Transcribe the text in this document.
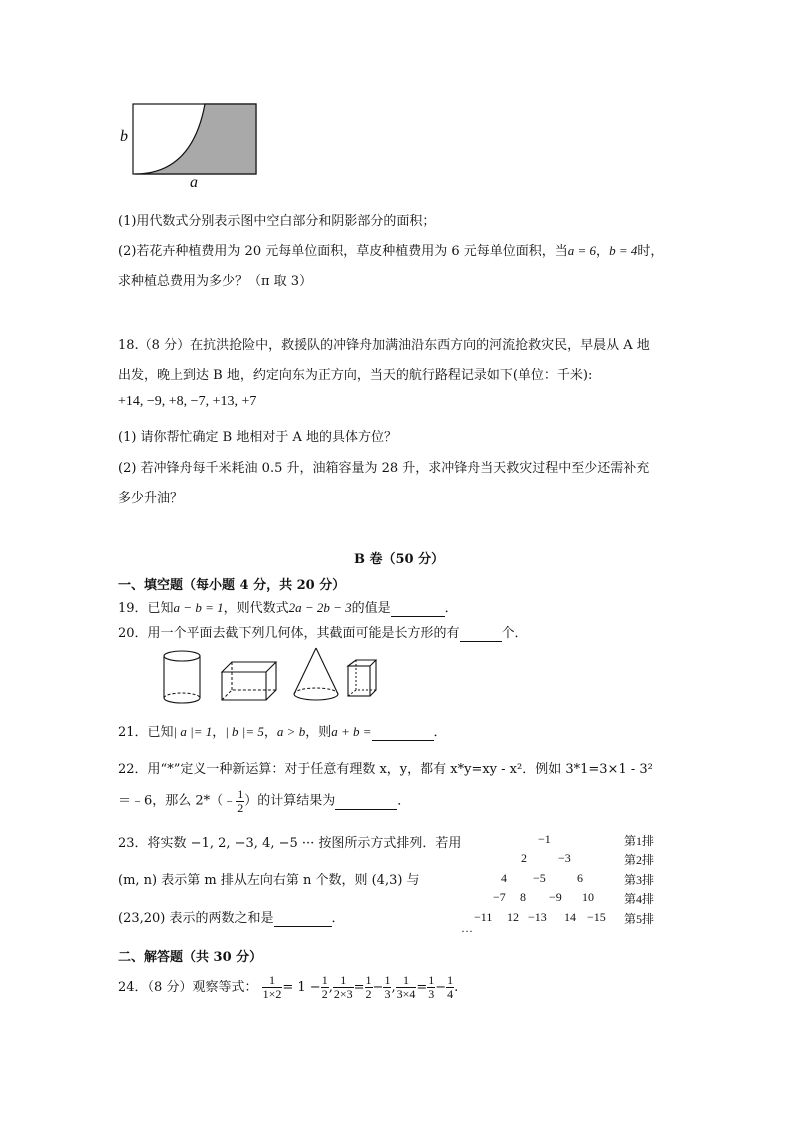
b
a
(1)用代数式分别表示图中空白部分和阴影部分的面积；
(2)若花卉种植费用为 20 元每单位面积，草皮种植费用为 6 元每单位面积，当a = 6，b = 4时，
求种植总费用为多少？（π 取 3）
18.（8 分）在抗洪抢险中，救援队的冲锋舟加满油沿东西方向的河流抢救灾民，早晨从 A 地
出发，晚上到达 B 地，约定向东为正方向，当天的航行路程记录如下(单位：千米):
+14, −9, +8, −7, +13, +7
(1) 请你帮忙确定 B 地相对于 A 地的具体方位？
(2) 若冲锋舟每千米耗油 0.5 升，油箱容量为 28 升，求冲锋舟当天救灾过程中至少还需补充
多少升油？
B 卷（50 分）
一、填空题（每小题 4 分，共 20 分）
19．已知a − b = 1，则代数式2a − 2b − 3的值是	．
20．用一个平面去截下列几何体，其截面可能是长方形的有	个．
21．已知| a |= 1，| b |= 5，a > b，则a + b =	．
22．用“*”定义一种新运算：对于任意有理数 x，y，都有 x*y=xy - x²．例如 3*1=3×1 - 3²
＝﹣6，那么 2*（﹣ $\frac{1}{2}$ ）的计算结果为	．
23．将实数 −1, 2, −3, 4, −5 ··· 按图所示方式排列．若用
(m, n) 表示第 m 排从左向右第 n 个数，则 (4,3) 与
(23,20) 表示的两数之和是	．
−1
2	−3
4 −5	6
−7 8 −9 10
−11 12 −13 14 −15
···
第1排
第2排
第3排
第4排
第5排
二、解答题（共 30 分）
24．（8 分）观察等式： $\frac{1}{1\times 2} = 1 - \frac{1}{2}$ , $\frac{1}{2\times 3} = \frac{1}{2} - \frac{1}{3}$ , $\frac{1}{3\times 4} = \frac{1}{3} - \frac{1}{4}$ .
